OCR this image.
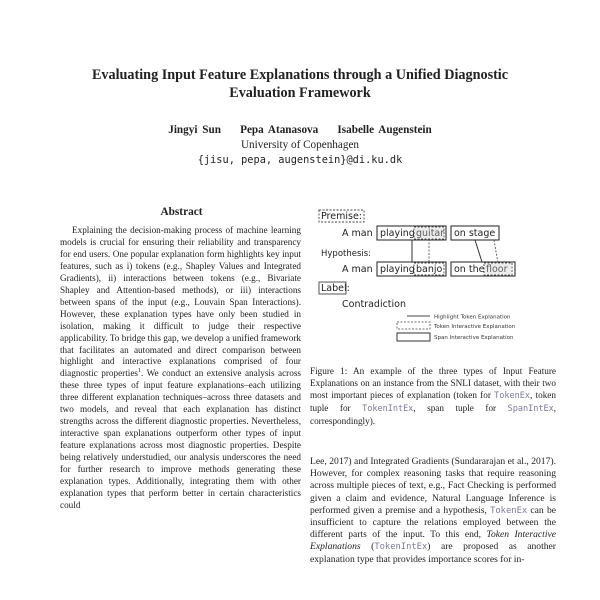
Evaluating Input Feature Explanations through a Unified Diagnostic
Evaluation Framework
Jingyi Sun    Pepa Atanasova    Isabelle Augenstein
University of Copenhagen
{jisu, pepa, augenstein}@di.ku.dk
Abstract
Explaining the decision-making process of machine learning models is crucial for ensuring their reliability and transparency for end users. One popular explanation form highlights key input features, such as i) tokens (e.g., Shapley Values and Integrated Gradients), ii) interactions between tokens (e.g., Bivariate Shapley and Attention-based methods), or iii) interactions between spans of the input (e.g., Louvain Span Interactions). However, these explanation types have only been studied in isolation, making it difficult to judge their respective applicability. To bridge this gap, we develop a unified framework that facilitates an automated and direct comparison between highlight and interactive explanations comprised of four diagnostic properties$^1$. We conduct an extensive analysis across these three types of input feature explanations–each utilizing three different explanation techniques–across three datasets and two models, and reveal that each explanation has distinct strengths across the different diagnostic properties. Nevertheless, interactive span explanations outperform other types of input feature explanations across most diagnostic properties. Despite being relatively understudied, our analysis underscores the need for further research to improve methods generating these explanation types. Additionally, integrating them with other explanation types that perform better in certain characteristics could
Premise:
A man playing guitar on stage
Hypothesis:
A man playing banjo on the floor
Label:
Contradiction
Highlight Token Explanation
Token Interactive Explanation
Span Interactive Explanation
Figure 1: An example of the three types of Input Feature Explanations on an instance from the SNLI dataset, with their two most important pieces of explanation (token for TokenEx, token tuple for TokenIntEx, span tuple for SpanIntEx, correspondingly).
Lee, 2017) and Integrated Gradients (Sundararajan et al., 2017). However, for complex reasoning tasks that require reasoning across multiple pieces of text, e.g., Fact Checking is performed given a claim and evidence, Natural Language Inference is performed given a premise and a hypothesis, TokenEx can be insufficient to capture the relations employed between the different parts of the input. To this end, Token Interactive Explanations (TokenIntEx) are proposed as another explanation type that provides importance scores for in-
